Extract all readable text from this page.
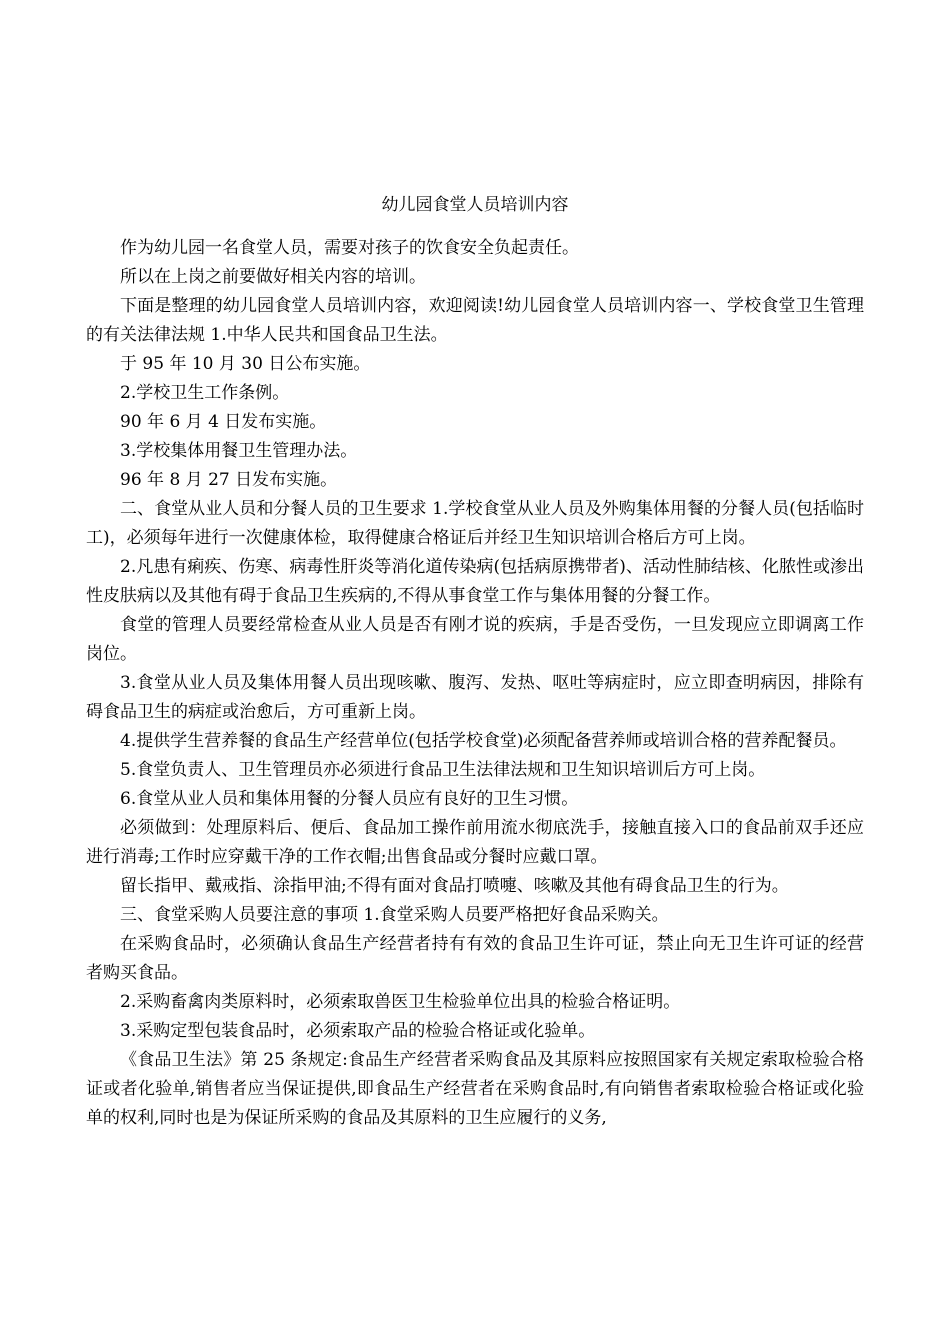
幼儿园食堂人员培训内容

作为幼儿园一名食堂人员，需要对孩子的饮食安全负起责任。

所以在上岗之前要做好相关内容的培训。

下面是整理的幼儿园食堂人员培训内容，欢迎阅读!幼儿园食堂人员培训内容一、学校食堂卫生管理的有关法律法规 1.中华人民共和国食品卫生法。

于 95 年 10 月 30 日公布实施。

2.学校卫生工作条例。

90 年 6 月 4 日发布实施。

3.学校集体用餐卫生管理办法。

96 年 8 月 27 日发布实施。

二、食堂从业人员和分餐人员的卫生要求 1.学校食堂从业人员及外购集体用餐的分餐人员(包括临时工)，必须每年进行一次健康体检，取得健康合格证后并经卫生知识培训合格后方可上岗。

2.凡患有痢疾、伤寒、病毒性肝炎等消化道传染病(包括病原携带者)、活动性肺结核、化脓性或渗出性皮肤病以及其他有碍于食品卫生疾病的,不得从事食堂工作与集体用餐的分餐工作。

食堂的管理人员要经常检查从业人员是否有刚才说的疾病，手是否受伤，一旦发现应立即调离工作岗位。

3.食堂从业人员及集体用餐人员出现咳嗽、腹泻、发热、呕吐等病症时，应立即查明病因，排除有碍食品卫生的病症或治愈后，方可重新上岗。

4.提供学生营养餐的食品生产经营单位(包括学校食堂)必须配备营养师或培训合格的营养配餐员。

5.食堂负责人、卫生管理员亦必须进行食品卫生法律法规和卫生知识培训后方可上岗。

6.食堂从业人员和集体用餐的分餐人员应有良好的卫生习惯。

必须做到：处理原料后、便后、食品加工操作前用流水彻底洗手，接触直接入口的食品前双手还应进行消毒;工作时应穿戴干净的工作衣帽;出售食品或分餐时应戴口罩。

留长指甲、戴戒指、涂指甲油;不得有面对食品打喷嚏、咳嗽及其他有碍食品卫生的行为。

三、食堂采购人员要注意的事项 1.食堂采购人员要严格把好食品采购关。

在采购食品时，必须确认食品生产经营者持有有效的食品卫生许可证，禁止向无卫生许可证的经营者购买食品。

2.采购畜禽肉类原料时，必须索取兽医卫生检验单位出具的检验合格证明。

3.采购定型包装食品时，必须索取产品的检验合格证或化验单。

《食品卫生法》第 25 条规定:食品生产经营者采购食品及其原料应按照国家有关规定索取检验合格证或者化验单,销售者应当保证提供,即食品生产经营者在采购食品时,有向销售者索取检验合格证或化验单的权利,同时也是为保证所采购的食品及其原料的卫生应履行的义务,
